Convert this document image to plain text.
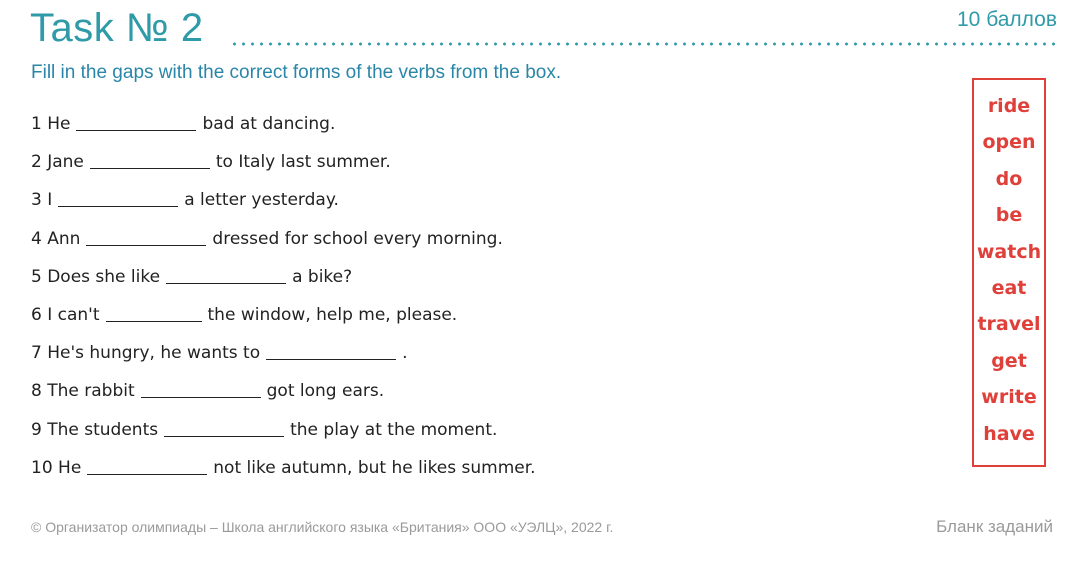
Task № 2	10 баллов
Fill in the gaps with the correct forms of the verbs from the box.
1 He	bad at dancing.
2 Jane	to Italy last summer.
3 I	a letter yesterday.
4 Ann	dressed for school every morning.
5 Does she like	a bike?
6 I can't	the window, help me, please.
7 He's hungry, he wants to	.
8 The rabbit	got long ears.
9 The students	the play at the moment.
10 He	not like autumn, but he likes summer.
ride
open
do
be
watch
eat
travel
get
write
have
© Организатор олимпиады – Школа английского языка «Британия» ООО «УЭЛЦ», 2022 г.	Бланк заданий
